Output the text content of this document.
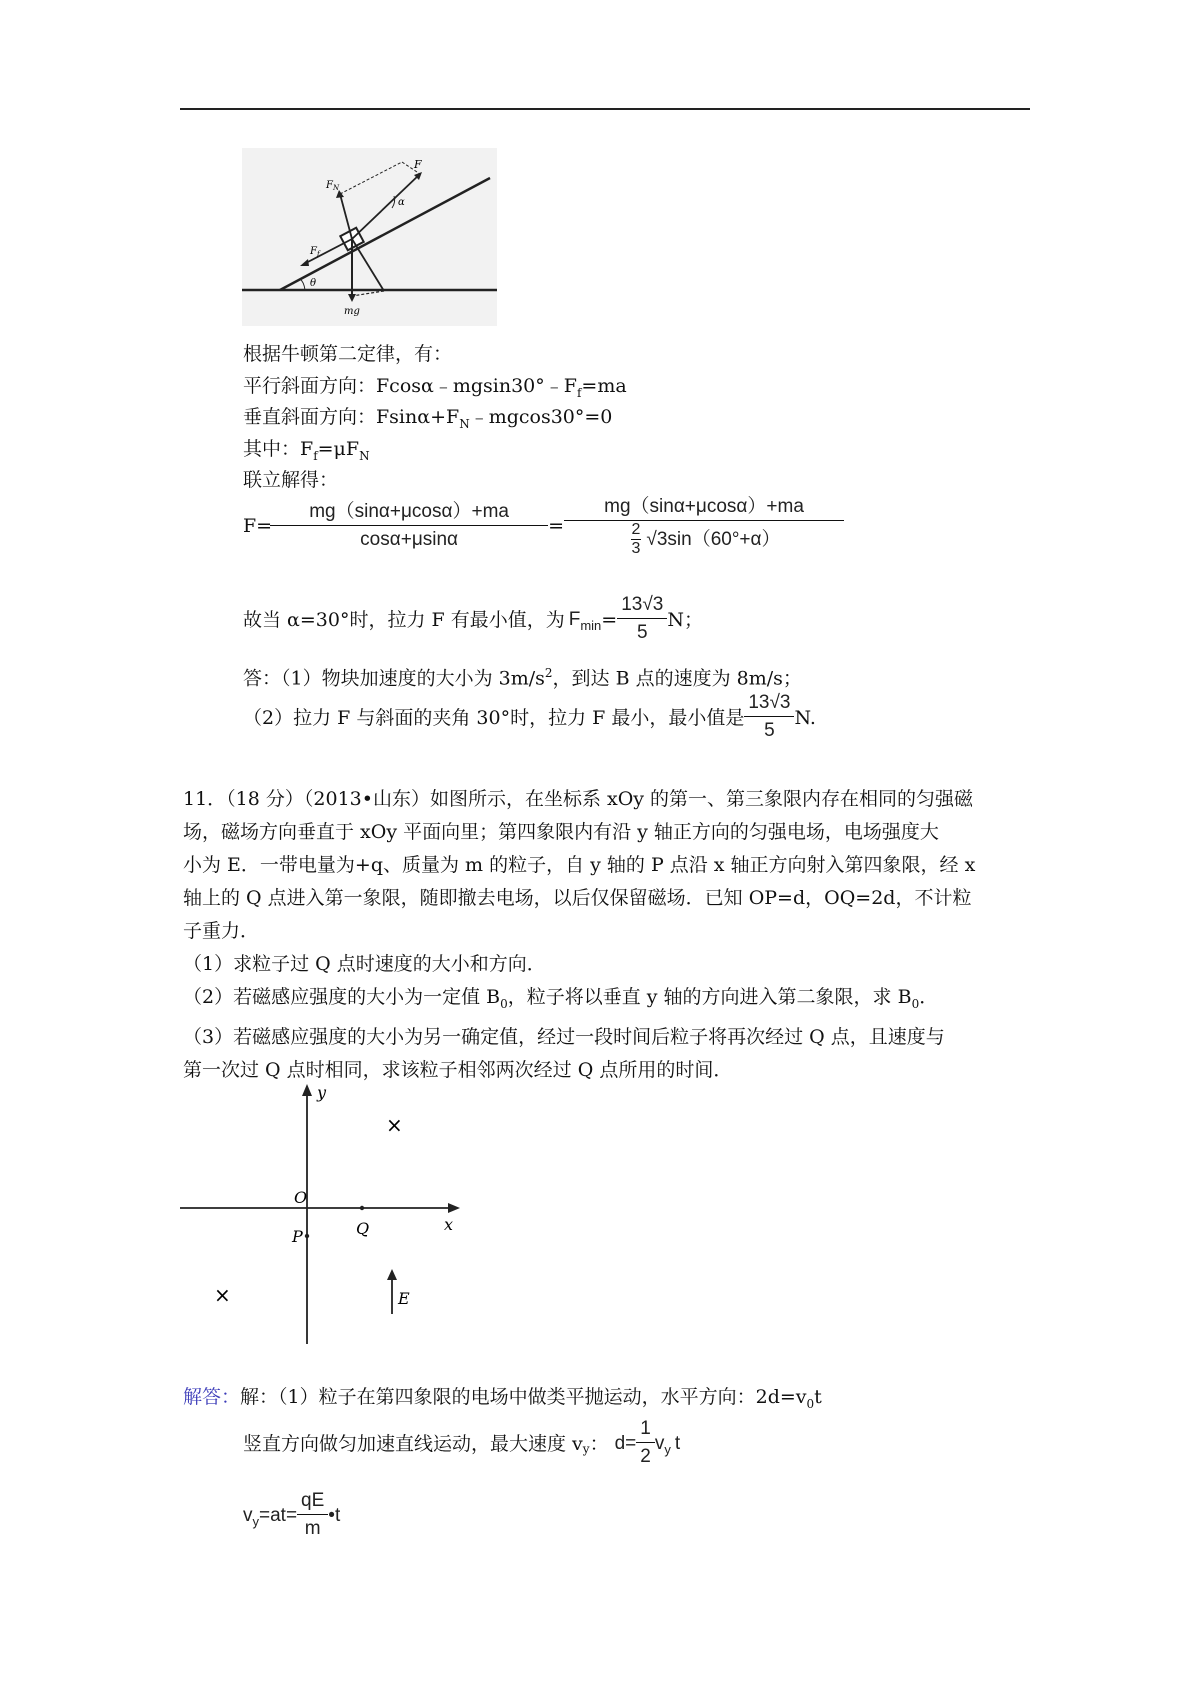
F
F N
F f
α
θ
mg
根据牛顿第二定律，有：
平行斜面方向：$Fcos\alpha﹣mgsin30^\circ﹣F_f=ma$
垂直斜面方向：$Fsin\alpha+F_N﹣mgcos30^\circ=0$
其中：$F_f=\mu F_N$
联立解得：
F=
$\frac{mg(\sin\alpha+\mu\cos\alpha)+ma}{\cos\alpha+\mu\sin\alpha} = \frac{mg(\sin\alpha+\mu\cos\alpha)+ma}{\frac{2}{3} √3\sin(60^\circ+\alpha)}$
故当 α=30°时，拉力 F 有最小值，为 $F_{min} = \frac{13√3}{5}$ N；
答：（1）物块加速度的大小为 $3m/s^2$，到达 B 点的速度为 8m/s；
（2）拉力 F 与斜面的夹角 30°时，拉力 F 最小，最小值是 $\frac{13√3}{5} N$.
11．（18 分）（2013•山东）如图所示，在坐标系 xOy 的第一、第三象限内存在相同的匀强磁
场，磁场方向垂直于 xOy 平面向里；第四象限内有沿 y 轴正方向的匀强电场，电场强度大
小为 E．一带电量为+q、质量为 m 的粒子，自 y 轴的 P 点沿 x 轴正方向射入第四象限，经 x
轴上的 Q 点进入第一象限，随即撤去电场，以后仅保留磁场．已知 OP=d，OQ=2d，不计粒
子重力．
（1）求粒子过 Q 点时速度的大小和方向．
（2）若磁感应强度的大小为一定值 $B_0$，粒子将以垂直 y 轴的方向进入第二象限，求 $B_0$．
（3）若磁感应强度的大小为另一确定值，经过一段时间后粒子将再次经过 Q 点，且速度与
第一次过 Q 点时相同，求该粒子相邻两次经过 Q 点所用的时间．
y
x
O
Q
P
E
×
×
解答：解：（1）粒子在第四象限的电场中做类平抛运动，水平方向：$2d=v_0t$
竖直方向做匀加速直线运动，最大速度 $v_y$ ： $d= \frac{1}{2} v_y$ t
$v_y =at= \frac{qE}{m}$ •t
